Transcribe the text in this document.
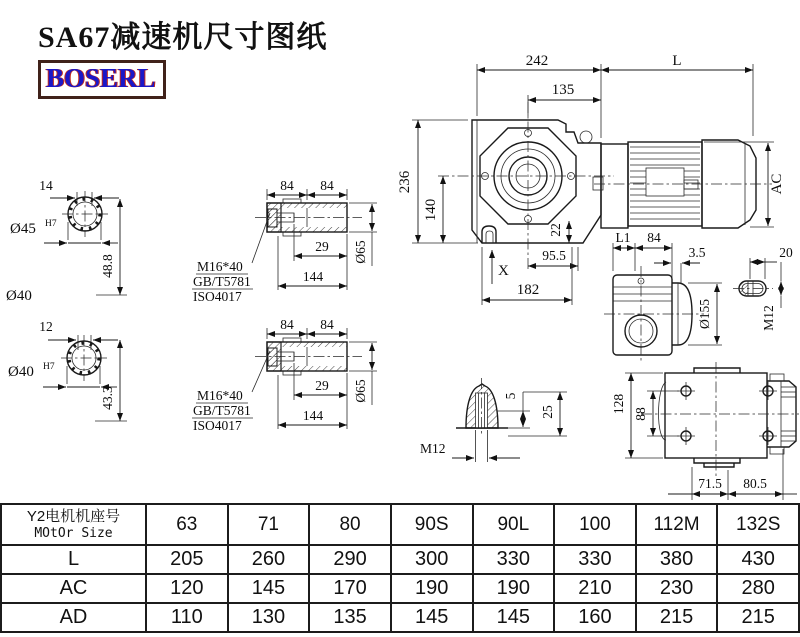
SA67减速机尺寸图纸
BOSERL
14
Ø45 H7
48.8
Ø40
12
Ø40 H7
43.3
84 84
29
144
Ø65
M16*40
GB/T5781
ISO4017
84 84
29
144
Ø65
M16*40
GB/T5781
ISO4017
242	L
135
236
140
22
95.5
182
X
AC
L1 84
3.5
Ø155
20
M12
5
25
M12
128 88
71.5 80.5
Y2电机机座号
MOtOr Size	63	71	80	90S	90L	100	112M	132S
L	205	260	290	300	330	330	380	430
AC	120	145	170	190	190	210	230	280
AD	110	130	135	145	145	160	215	215
